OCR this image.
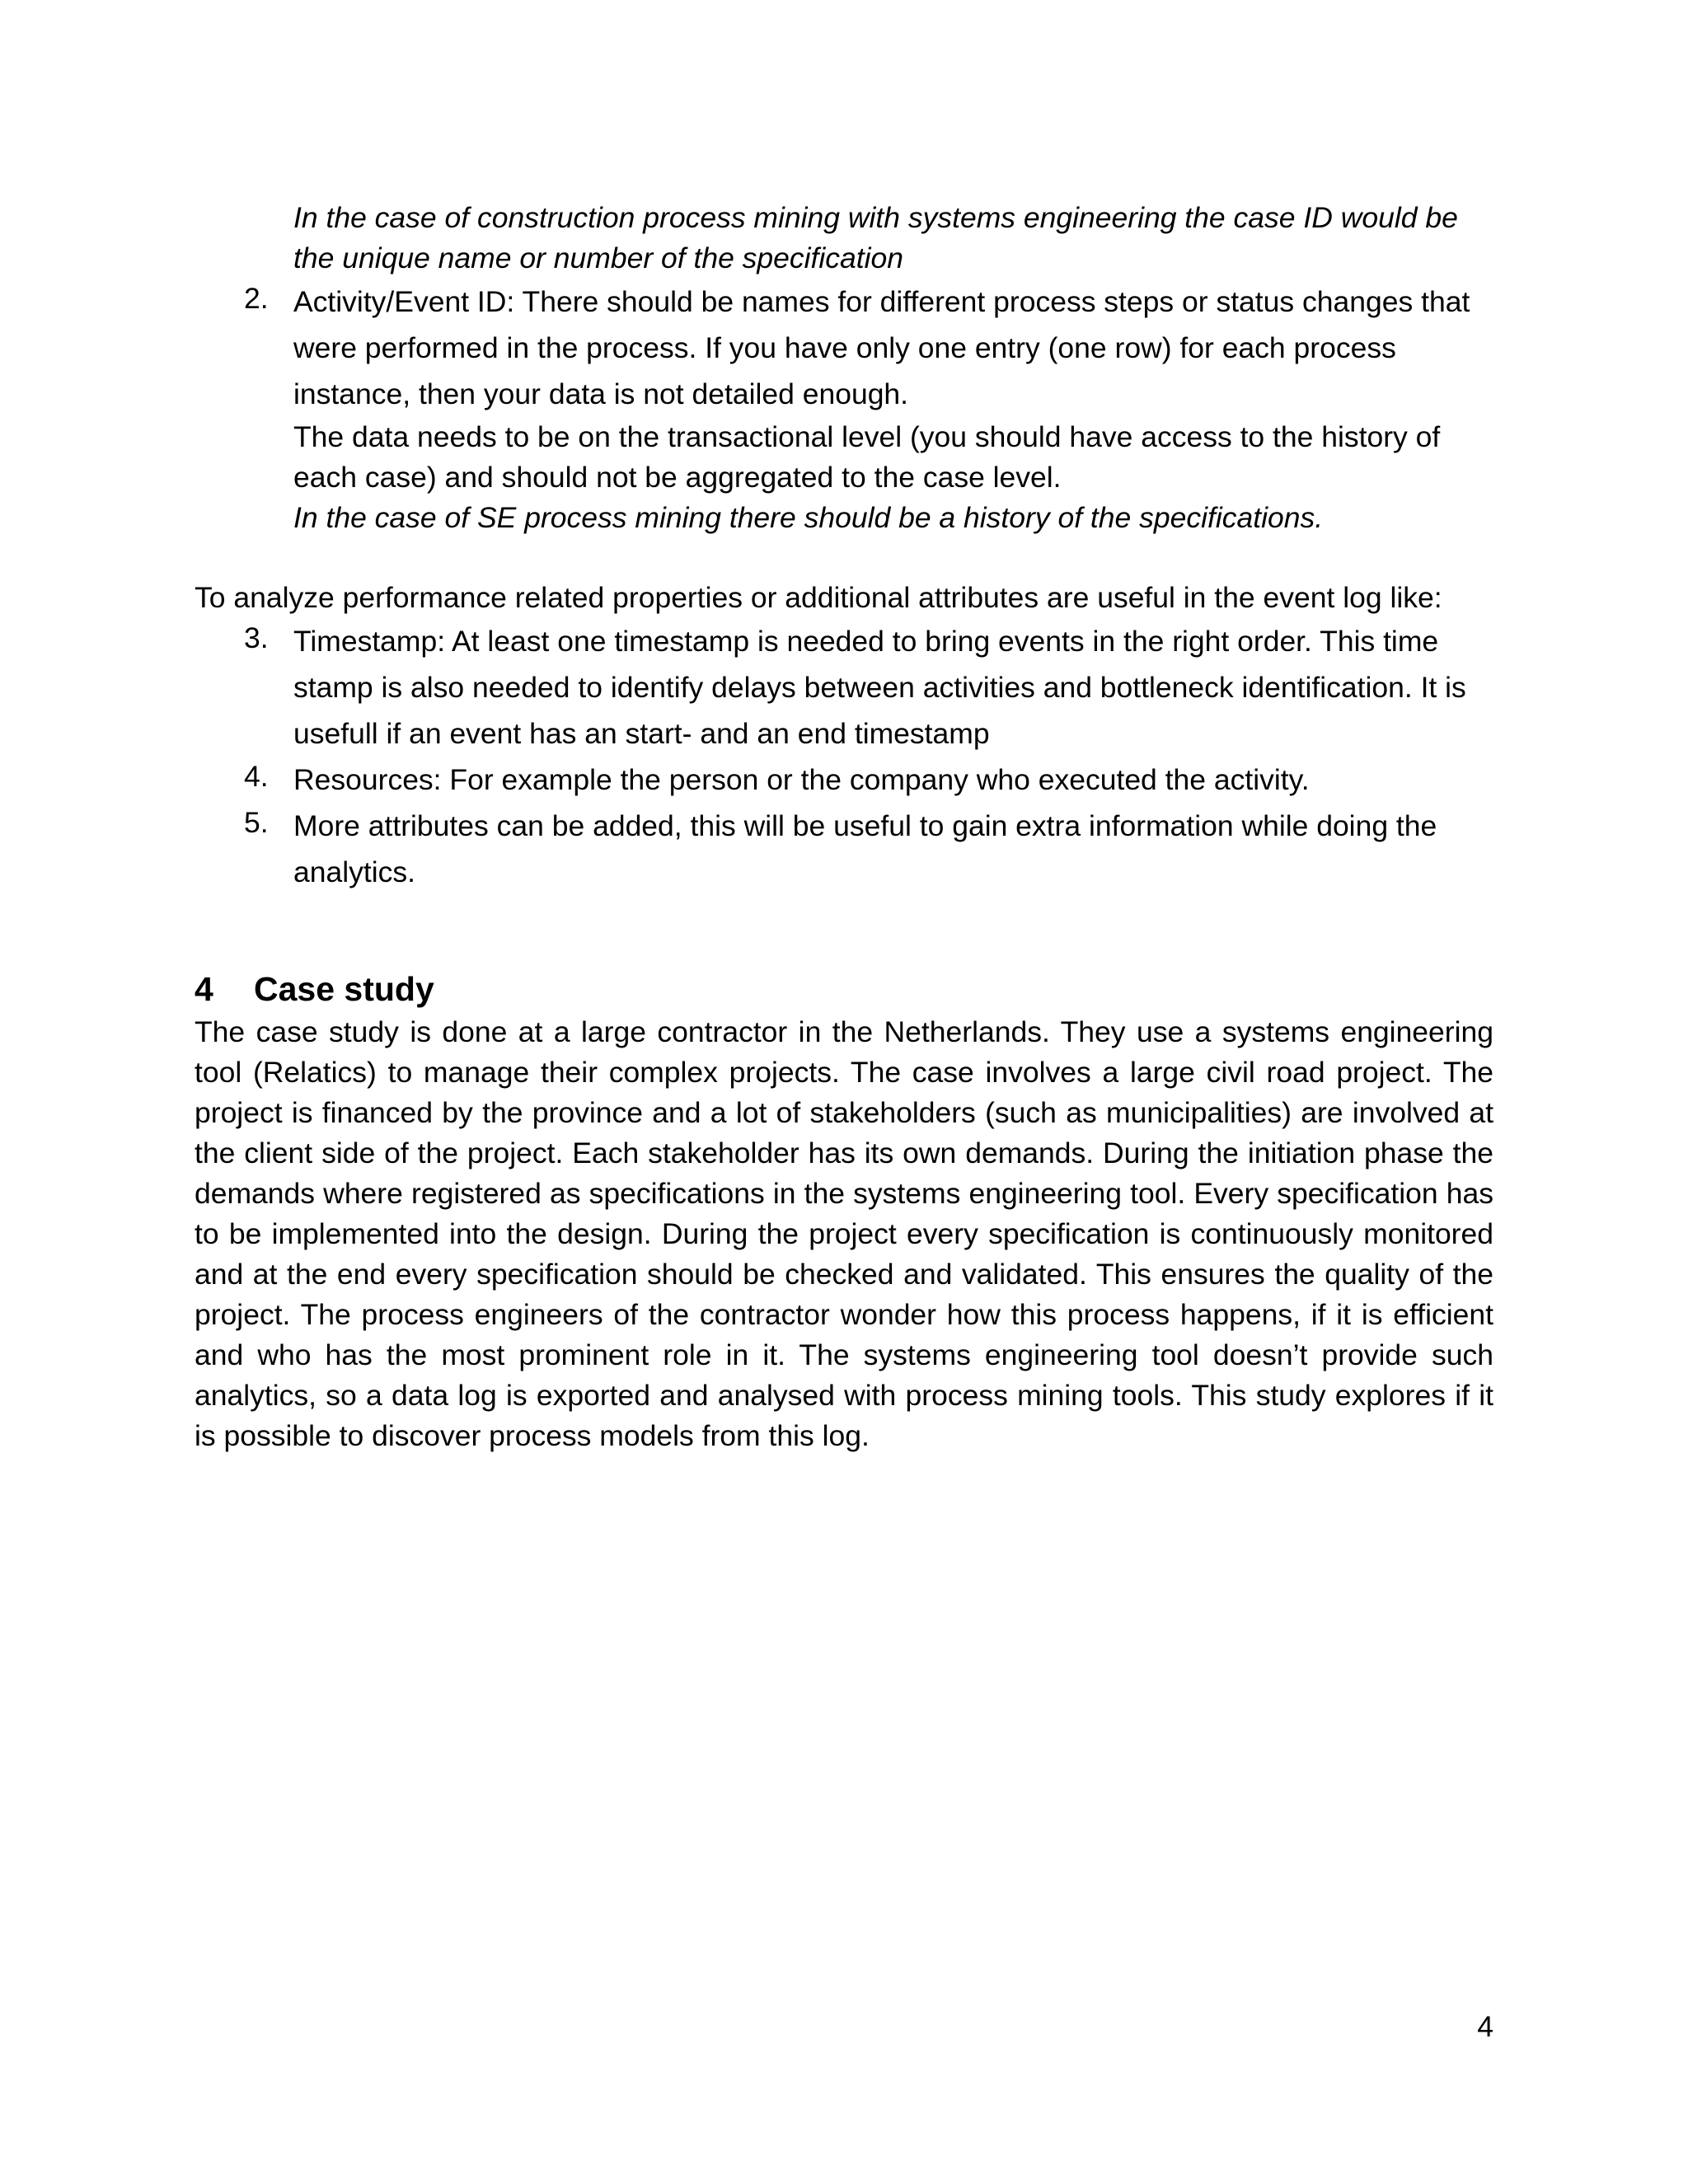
In the case of construction process mining with systems engineering the case ID would be the unique name or number of the specification

2. Activity/Event ID: There should be names for different process steps or status changes that were performed in the process. If you have only one entry (one row) for each process instance, then your data is not detailed enough.

The data needs to be on the transactional level (you should have access to the history of each case) and should not be aggregated to the case level.

In the case of SE process mining there should be a history of the specifications.

To analyze performance related properties or additional attributes are useful in the event log like:

3. Timestamp: At least one timestamp is needed to bring events in the right order. This time stamp is also needed to identify delays between activities and bottleneck identification. It is usefull if an event has an start- and an end timestamp

4. Resources: For example the person or the company who executed the activity.

5. More attributes can be added, this will be useful to gain extra information while doing the analytics.

4	Case study

The case study is done at a large contractor in the Netherlands. They use a systems engineering tool (Relatics) to manage their complex projects. The case involves a large civil road project. The project is financed by the province and a lot of stakeholders (such as municipalities) are involved at the client side of the project. Each stakeholder has its own demands. During the initiation phase the demands where registered as specifications in the systems engineering tool. Every specification has to be implemented into the design. During the project every specification is continuously monitored and at the end every specification should be checked and validated. This ensures the quality of the project. The process engineers of the contractor wonder how this process happens, if it is efficient and who has the most prominent role in it. The systems engineering tool doesn’t provide such analytics, so a data log is exported and analysed with process mining tools. This study explores if it is possible to discover process models from this log.

4
